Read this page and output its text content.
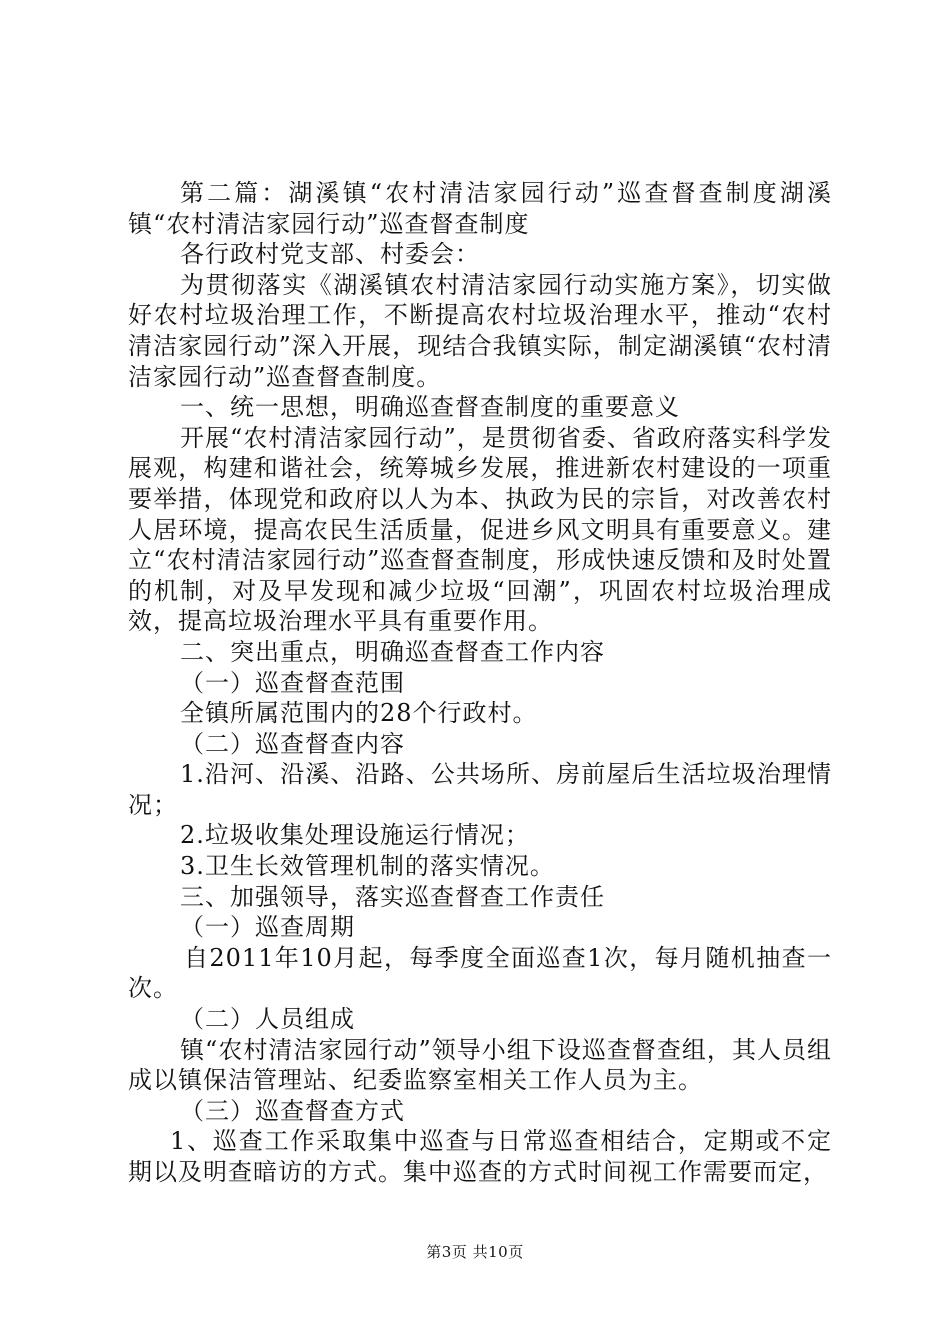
第二篇：湖溪镇“农村清洁家园行动”巡查督查制度湖溪镇“农村清洁家园行动”巡查督查制度

各行政村党支部、村委会：

为贯彻落实《湖溪镇农村清洁家园行动实施方案》，切实做好农村垃圾治理工作，不断提高农村垃圾治理水平，推动“农村清洁家园行动”深入开展，现结合我镇实际，制定湖溪镇“农村清洁家园行动”巡查督查制度。

一、统一思想，明确巡查督查制度的重要意义

开展“农村清洁家园行动”，是贯彻省委、省政府落实科学发展观，构建和谐社会，统筹城乡发展，推进新农村建设的一项重要举措，体现党和政府以人为本、执政为民的宗旨，对改善农村人居环境，提高农民生活质量，促进乡风文明具有重要意义。建立“农村清洁家园行动”巡查督查制度，形成快速反馈和及时处置的机制，对及早发现和减少垃圾“回潮”，巩固农村垃圾治理成效，提高垃圾治理水平具有重要作用。

二、突出重点，明确巡查督查工作内容

（一）巡查督查范围

全镇所属范围内的28个行政村。

（二）巡查督查内容

1.沿河、沿溪、沿路、公共场所、房前屋后生活垃圾治理情况；

2.垃圾收集处理设施运行情况；

3.卫生长效管理机制的落实情况。

三、加强领导，落实巡查督查工作责任

（一）巡查周期

自2011年10月起，每季度全面巡查1次，每月随机抽查一次。

（二）人员组成

镇“农村清洁家园行动”领导小组下设巡查督查组，其人员组成以镇保洁管理站、纪委监察室相关工作人员为主。

（三）巡查督查方式

1、巡查工作采取集中巡查与日常巡查相结合，定期或不定期以及明查暗访的方式。集中巡查的方式时间视工作需要而定，

第3页 共10页
